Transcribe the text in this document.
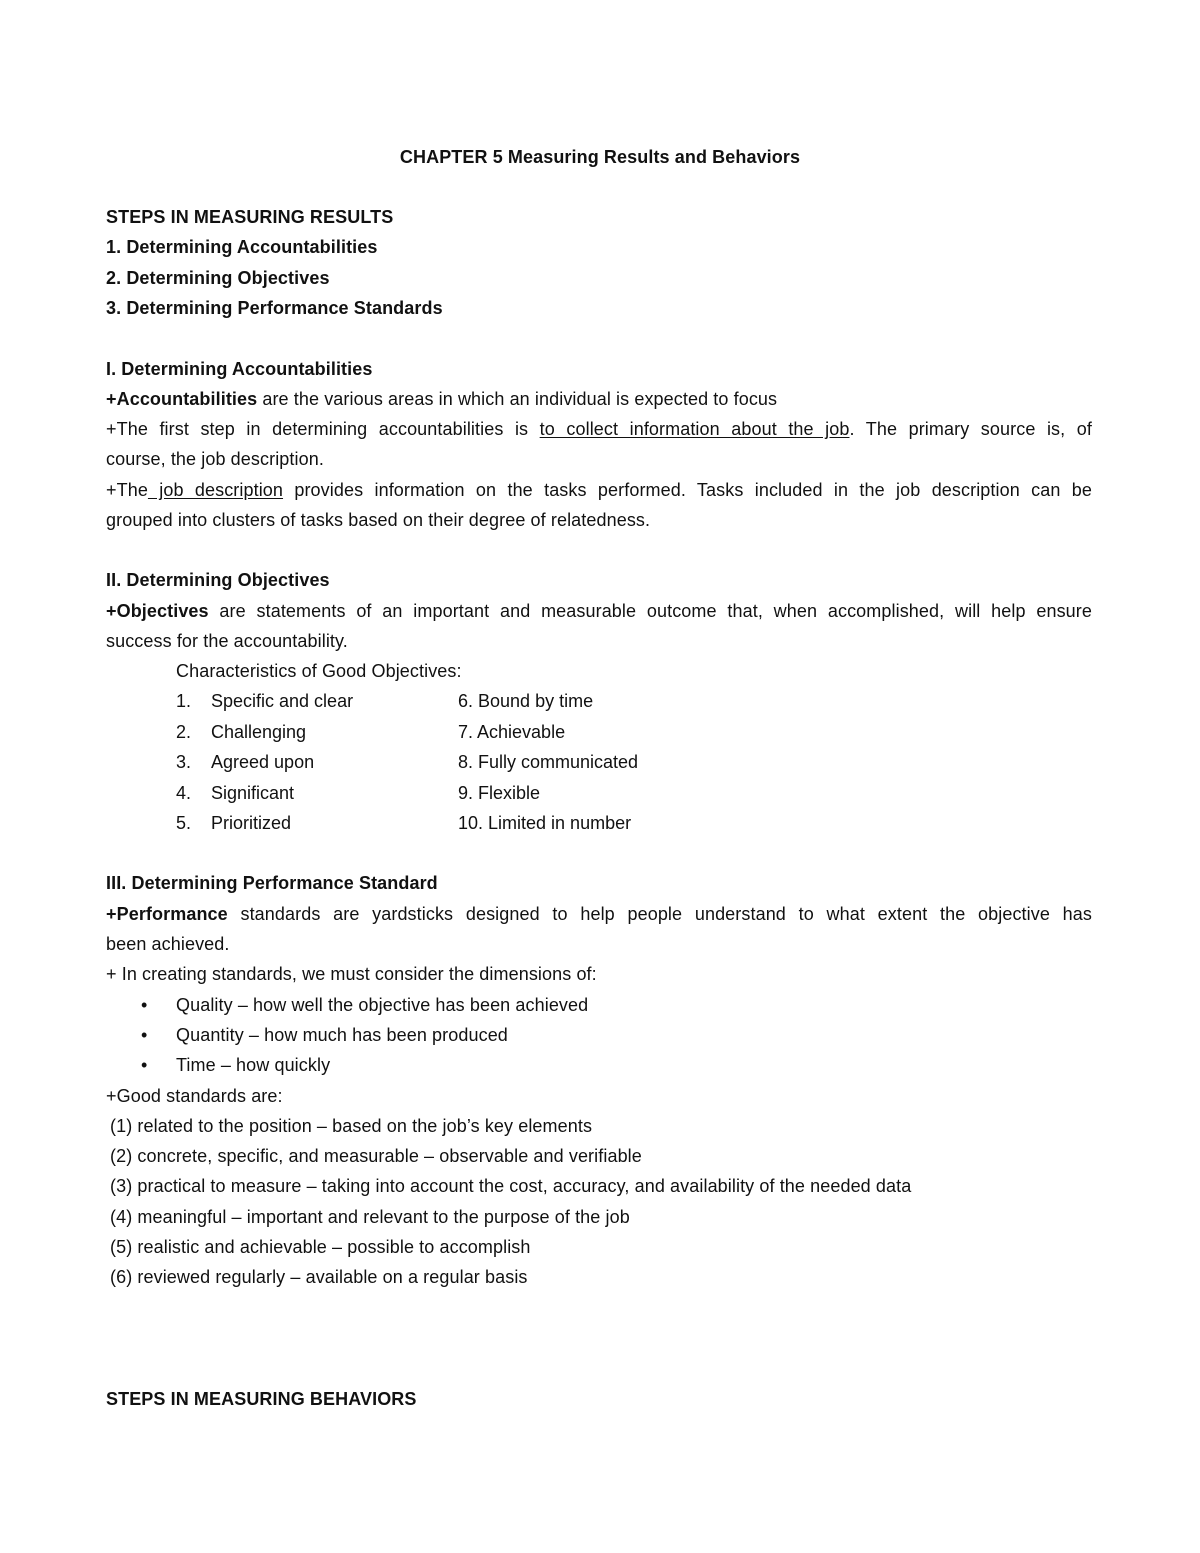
CHAPTER 5 Measuring Results and Behaviors
STEPS IN MEASURING RESULTS
1. Determining Accountabilities
2. Determining Objectives
3. Determining Performance Standards
I. Determining Accountabilities
+Accountabilities are the various areas in which an individual is expected to focus
+The first step in determining accountabilities is to collect information about the job. The primary source is, of
course, the job description.
+The job description provides information on the tasks performed. Tasks included in the job description can be
grouped into clusters of tasks based on their degree of relatedness.
II. Determining Objectives
+Objectives are statements of an important and measurable outcome that, when accomplished, will help ensure
success for the accountability.
Characteristics of Good Objectives:
1. Specific and clear
2. Challenging
3. Agreed upon
4. Significant
5. Prioritized
6. Bound by time
7. Achievable
8. Fully communicated
9. Flexible
10. Limited in number
III. Determining Performance Standard
+Performance standards are yardsticks designed to help people understand to what extent the objective has
been achieved.
+ In creating standards, we must consider the dimensions of:
• Quality – how well the objective has been achieved
• Quantity – how much has been produced
• Time – how quickly
+Good standards are:
(1) related to the position – based on the job’s key elements
(2) concrete, specific, and measurable – observable and verifiable
(3) practical to measure – taking into account the cost, accuracy, and availability of the needed data
(4) meaningful – important and relevant to the purpose of the job
(5) realistic and achievable – possible to accomplish
(6) reviewed regularly – available on a regular basis
STEPS IN MEASURING BEHAVIORS
